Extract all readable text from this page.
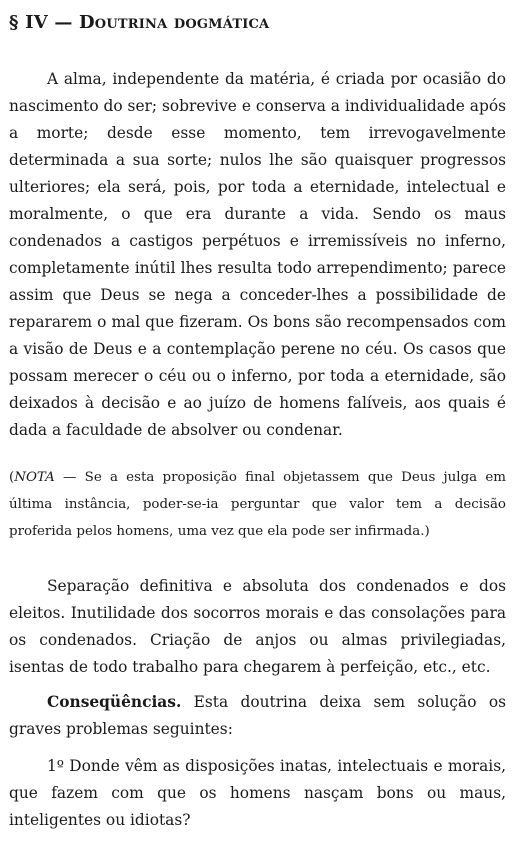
§ IV — Doutrina dogmática

A alma, independente da matéria, é criada por ocasião do nascimento do ser; sobrevive e conserva a individualidade após a morte; desde esse momento, tem irrevogavelmente determinada a sua sorte; nulos lhe são quaisquer progressos ulteriores; ela será, pois, por toda a eternidade, intelectual e moralmente, o que era durante a vida. Sendo os maus condenados a castigos perpétuos e irremissíveis no inferno, completamente inútil lhes resulta todo arrependimento; parece assim que Deus se nega a conceder-lhes a possibilidade de repararem o mal que fizeram. Os bons são recompensados com a visão de Deus e a contemplação perene no céu. Os casos que possam merecer o céu ou o inferno, por toda a eternidade, são deixados à decisão e ao juízo de homens falíveis, aos quais é dada a faculdade de absolver ou condenar.

(NOTA — Se a esta proposição final objetassem que Deus julga em última instância, poder-se-ia perguntar que valor tem a decisão proferida pelos homens, uma vez que ela pode ser infirmada.)

Separação definitiva e absoluta dos condenados e dos eleitos. Inutilidade dos socorros morais e das consolações para os condenados. Criação de anjos ou almas privilegiadas, isentas de todo trabalho para chegarem à perfeição, etc., etc.

Conseqüências. Esta doutrina deixa sem solução os graves problemas seguintes:

1º Donde vêm as disposições inatas, intelectuais e morais, que fazem com que os homens nasçam bons ou maus, inteligentes ou idiotas?
